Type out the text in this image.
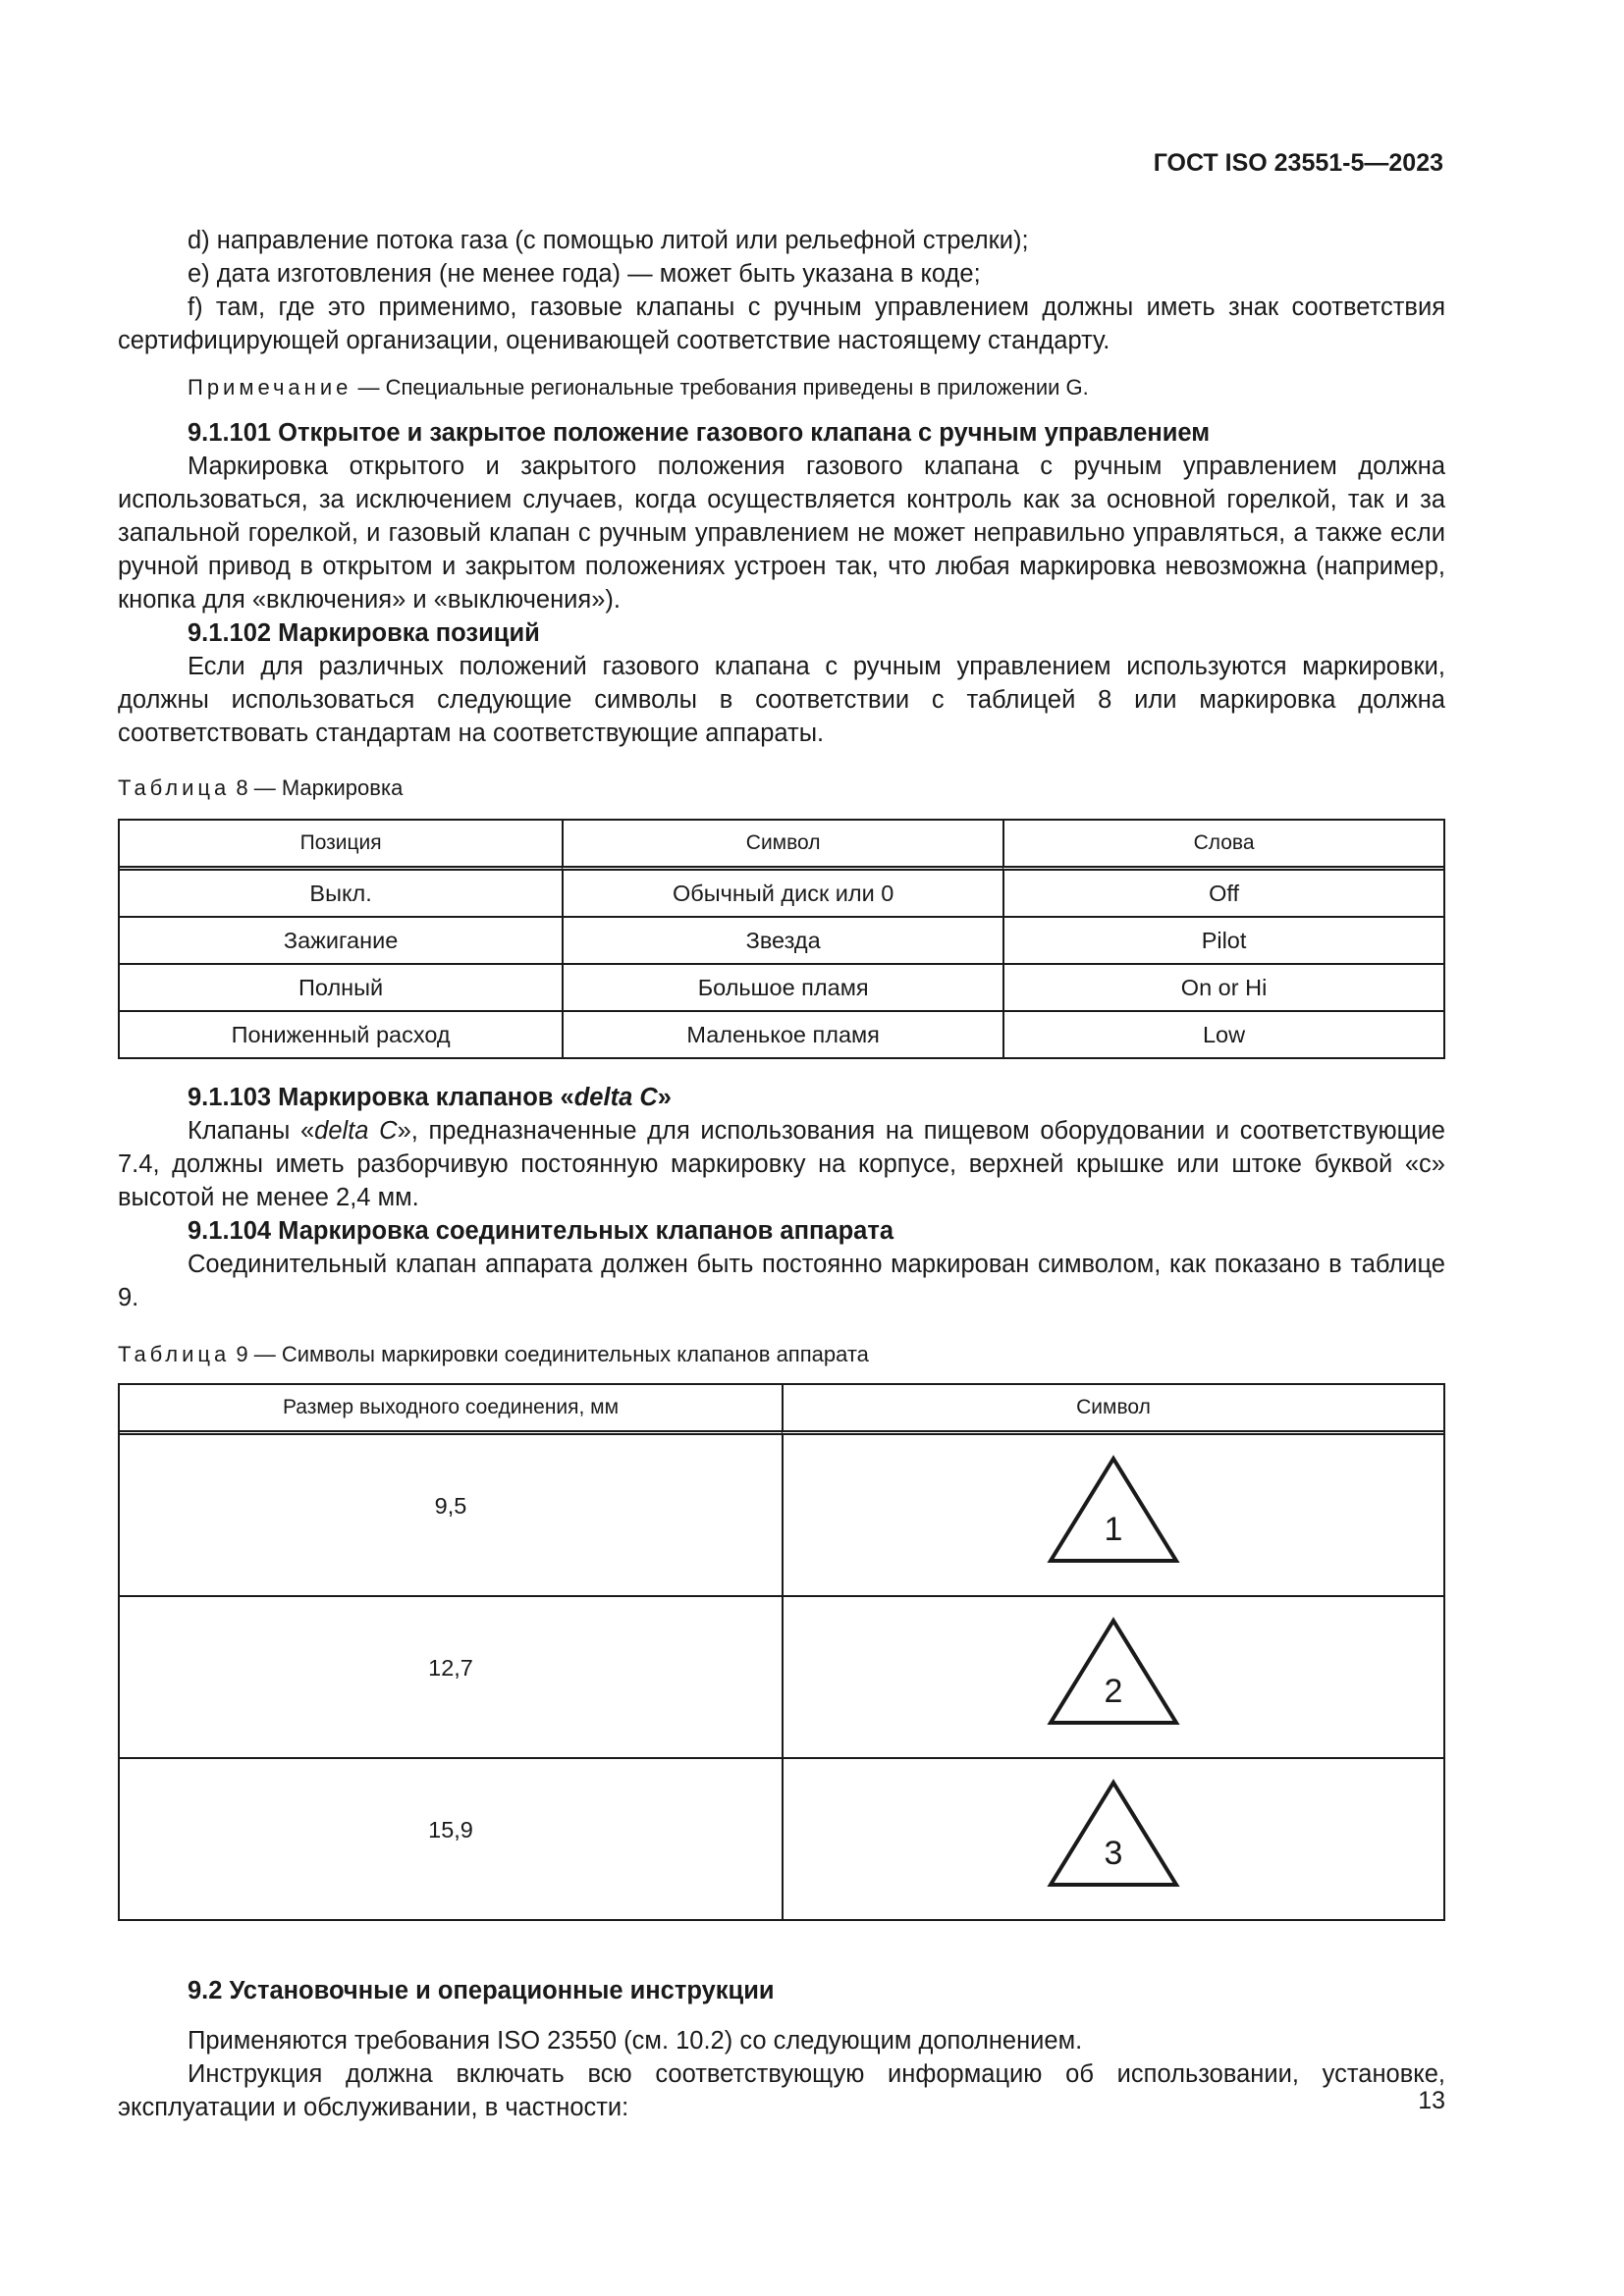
ГОСТ ISO 23551-5—2023

d) направление потока газа (с помощью литой или рельефной стрелки);

e) дата изготовления (не менее года) — может быть указана в коде;

f) там, где это применимо, газовые клапаны с ручным управлением должны иметь знак соответствия сертифицирующей организации, оценивающей соответствие настоящему стандарту.

Примечание — Специальные региональные требования приведены в приложении G.

9.1.101 Открытое и закрытое положение газового клапана с ручным управлением

Маркировка открытого и закрытого положения газового клапана с ручным управлением должна использоваться, за исключением случаев, когда осуществляется контроль как за основной горелкой, так и за запальной горелкой, и газовый клапан с ручным управлением не может неправильно управляться, а также если ручной привод в открытом и закрытом положениях устроен так, что любая маркировка невозможна (например, кнопка для «включения» и «выключения»).

9.1.102 Маркировка позиций

Если для различных положений газового клапана с ручным управлением используются маркировки, должны использоваться следующие символы в соответствии с таблицей 8 или маркировка должна соответствовать стандартам на соответствующие аппараты.

Таблица 8 — Маркировка

Позиция	Символ	Слова
Выкл.	Обычный диск или 0	Off
Зажигание	Звезда	Pilot
Полный	Большое пламя	On or Hi
Пониженный расход	Маленькое пламя	Low

9.1.103 Маркировка клапанов «delta C»

Клапаны «delta C», предназначенные для использования на пищевом оборудовании и соответствующие 7.4, должны иметь разборчивую постоянную маркировку на корпусе, верхней крышке или штоке буквой «c» высотой не менее 2,4 мм.

9.1.104 Маркировка соединительных клапанов аппарата

Соединительный клапан аппарата должен быть постоянно маркирован символом, как показано в таблице 9.

Таблица 9 — Символы маркировки соединительных клапанов аппарата

Размер выходного соединения, мм	Символ
9,5	1

12,7	2

15,9	3

9.2 Установочные и операционные инструкции

Применяются требования ISO 23550 (см. 10.2) со следующим дополнением.

Инструкция должна включать всю соответствующую информацию об использовании, установке, эксплуатации и обслуживании, в частности:	13
